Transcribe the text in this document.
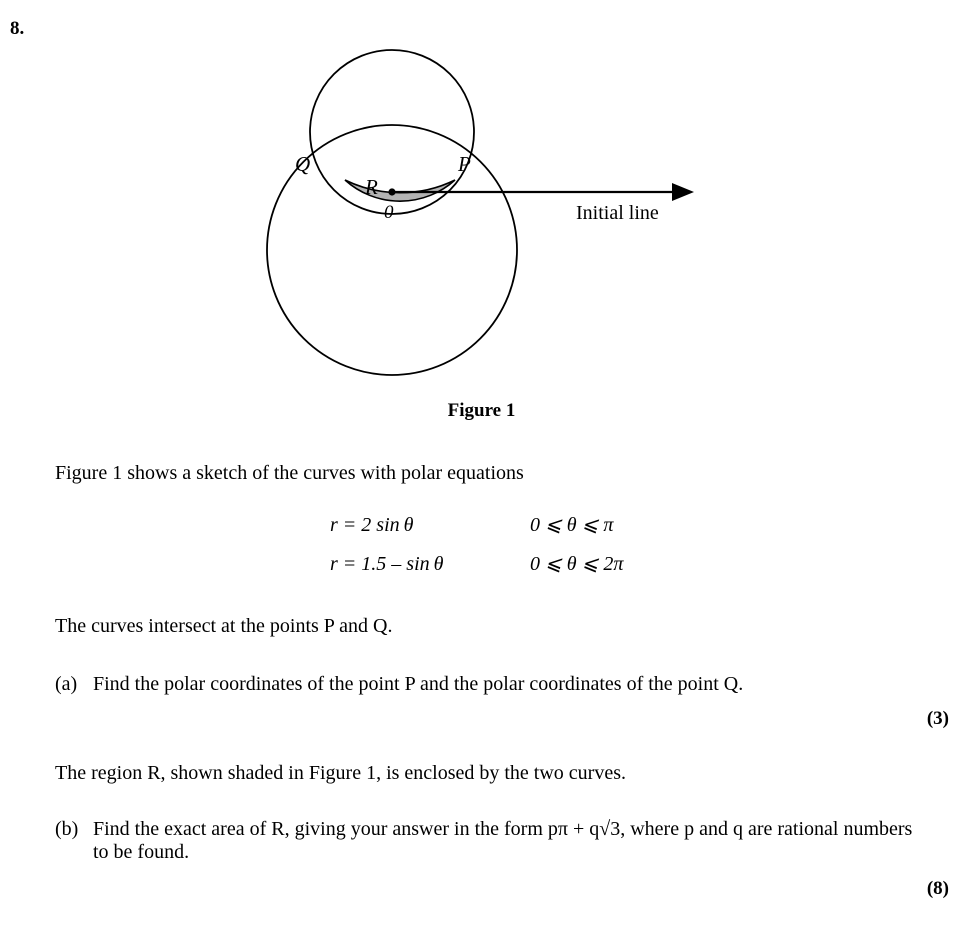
8.
Q	P
R
0	Initial line
Figure 1
Figure 1 shows a sketch of the curves with polar equations
r = 2 sin θ	0 ⩽ θ ⩽ π
r = 1.5 – sin θ	0 ⩽ θ ⩽ 2π
The curves intersect at the points P and Q.
(a) Find the polar coordinates of the point P and the polar coordinates of the point Q.
(3)
The region R, shown shaded in Figure 1, is enclosed by the two curves.
(b) Find the exact area of R, giving your answer in the form pπ + q√3, where p and q are rational numbers to be found.
(8)
